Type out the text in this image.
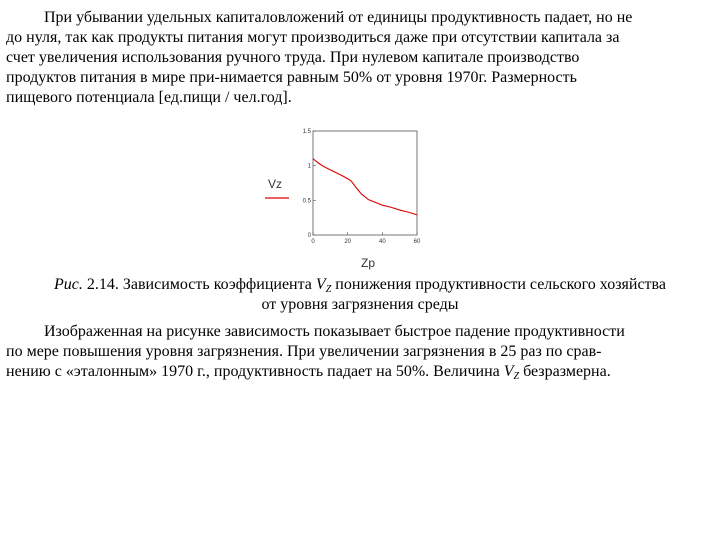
При убывании удельных капиталовложений от единицы продуктивность падает, но не
до нуля, так как продукты питания могут производиться даже при отсутствии капитала за
счет увеличения использования ручного труда. При нулевом капитале производство
продуктов питания в мире при-нимается равным 50% от уровня 1970г. Размерность
пищевого потенциала [ед.пищи / чел.год].
0
0.5
1
1.5
0	20	40	60
Vz
Zp
Рис. 2.14. Зависимость коэффициента $V_Z$ понижения продуктивности сельского хозяйства
от уровня загрязнения среды
Изображенная на рисунке зависимость показывает быстрое падение продуктивности
по мере повышения уровня загрязнения. При увеличении загрязнения в 25 раз по срав-
нению с «эталонным» 1970 г., продуктивность падает на 50%. Величина $V_Z$ безразмерна.
